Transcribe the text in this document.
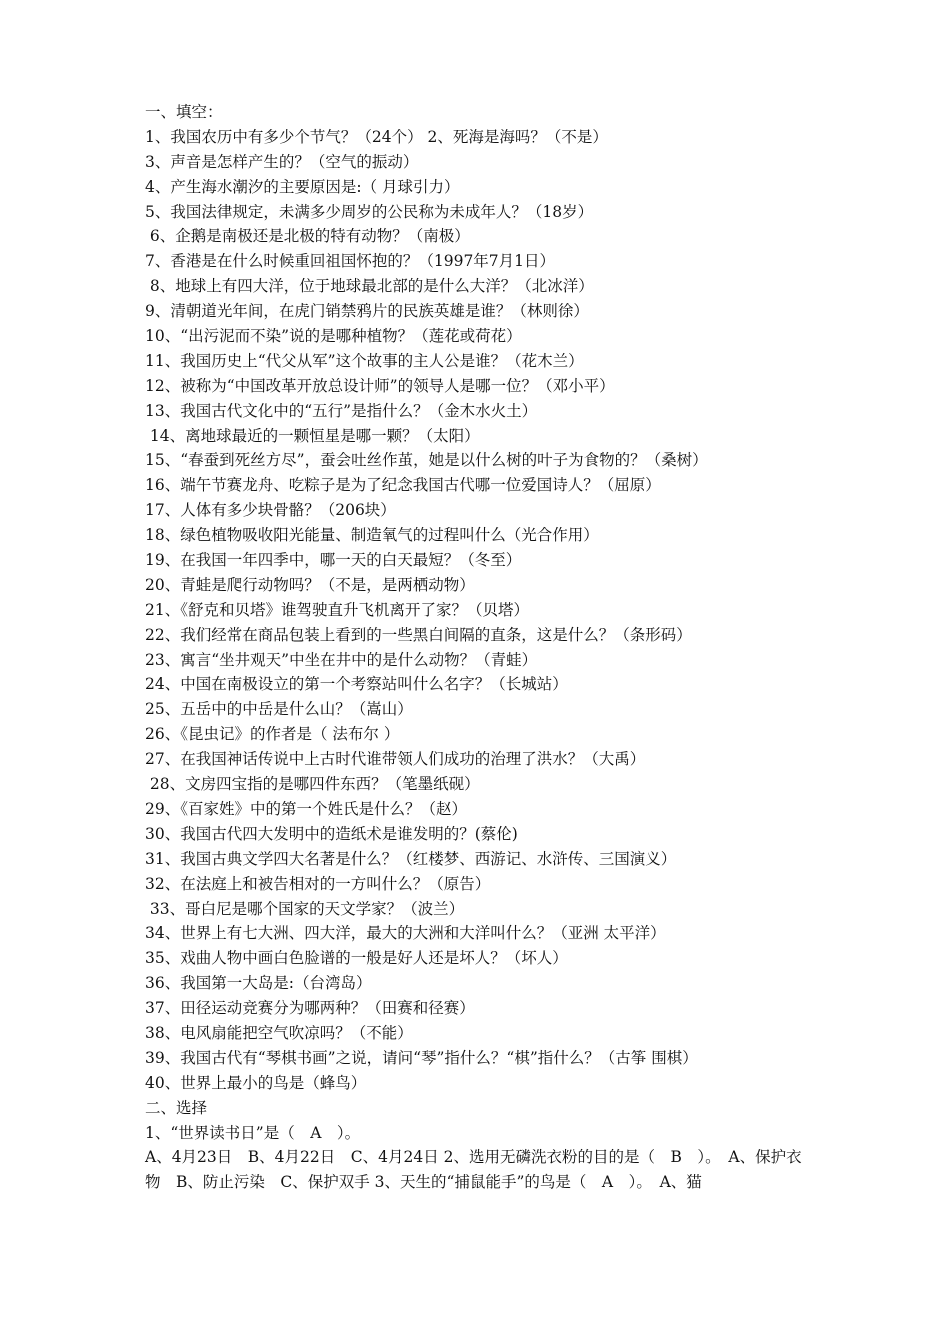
一、填空：
1、我国农历中有多少个节气？（24个） 2、死海是海吗？（不是）
3、声音是怎样产生的？（空气的振动）
4、产生海水潮汐的主要原因是:（ 月球引力）
5、我国法律规定，未满多少周岁的公民称为未成年人？（18岁）
6、企鹅是南极还是北极的特有动物？（南极）
7、香港是在什么时候重回祖国怀抱的？（1997年7月1日）
8、地球上有四大洋，位于地球最北部的是什么大洋？（北冰洋）
9、清朝道光年间，在虎门销禁鸦片的民族英雄是谁？（林则徐）
10、“出污泥而不染”说的是哪种植物？（莲花或荷花）
11、我国历史上“代父从军”这个故事的主人公是谁？（花木兰）
12、被称为“中国改革开放总设计师”的领导人是哪一位？（邓小平）
13、我国古代文化中的“五行”是指什么？（金木水火土）
14、离地球最近的一颗恒星是哪一颗？（太阳）
15、“春蚕到死丝方尽”，蚕会吐丝作茧，她是以什么树的叶子为食物的？（桑树）
16、端午节赛龙舟、吃粽子是为了纪念我国古代哪一位爱国诗人？（屈原）
17、人体有多少块骨骼？（206块）
18、绿色植物吸收阳光能量、制造氧气的过程叫什么（光合作用）
19、在我国一年四季中，哪一天的白天最短？（冬至）
20、青蛙是爬行动物吗？（不是，是两栖动物）
21、《舒克和贝塔》谁驾驶直升飞机离开了家？（贝塔）
22、我们经常在商品包装上看到的一些黑白间隔的直条，这是什么？（条形码）
23、寓言“坐井观天”中坐在井中的是什么动物？（青蛙）
24、中国在南极设立的第一个考察站叫什么名字？（长城站）
25、五岳中的中岳是什么山？（嵩山）
26、《昆虫记》的作者是（ 法布尔 ）
27、在我国神话传说中上古时代谁带领人们成功的治理了洪水？（大禹）
28、文房四宝指的是哪四件东西？（笔墨纸砚）
29、《百家姓》中的第一个姓氏是什么？（赵）
30、我国古代四大发明中的造纸术是谁发明的？(蔡伦)
31、我国古典文学四大名著是什么？（红楼梦、西游记、水浒传、三国演义）
32、在法庭上和被告相对的一方叫什么？（原告）
33、哥白尼是哪个国家的天文学家？（波兰）
34、世界上有七大洲、四大洋，最大的大洲和大洋叫什么？（亚洲 太平洋）
35、戏曲人物中画白色脸谱的一般是好人还是坏人？（坏人）
36、我国第一大岛是:（台湾岛）
37、田径运动竞赛分为哪两种？（田赛和径赛）
38、电风扇能把空气吹凉吗？（不能）
39、我国古代有“琴棋书画”之说，请问“琴”指什么？“棋”指什么？（古筝 围棋）
40、世界上最小的鸟是（蜂鸟）
二、选择
1、“世界读书日”是（　A　）。
A、4月23日　B、4月22日　C、4月24日 2、选用无磷洗衣粉的目的是（　B　）。　A、保护衣物　B、防止污染　C、保护双手 3、天生的“捕鼠能手”的鸟是（　A　）。　A、猫
